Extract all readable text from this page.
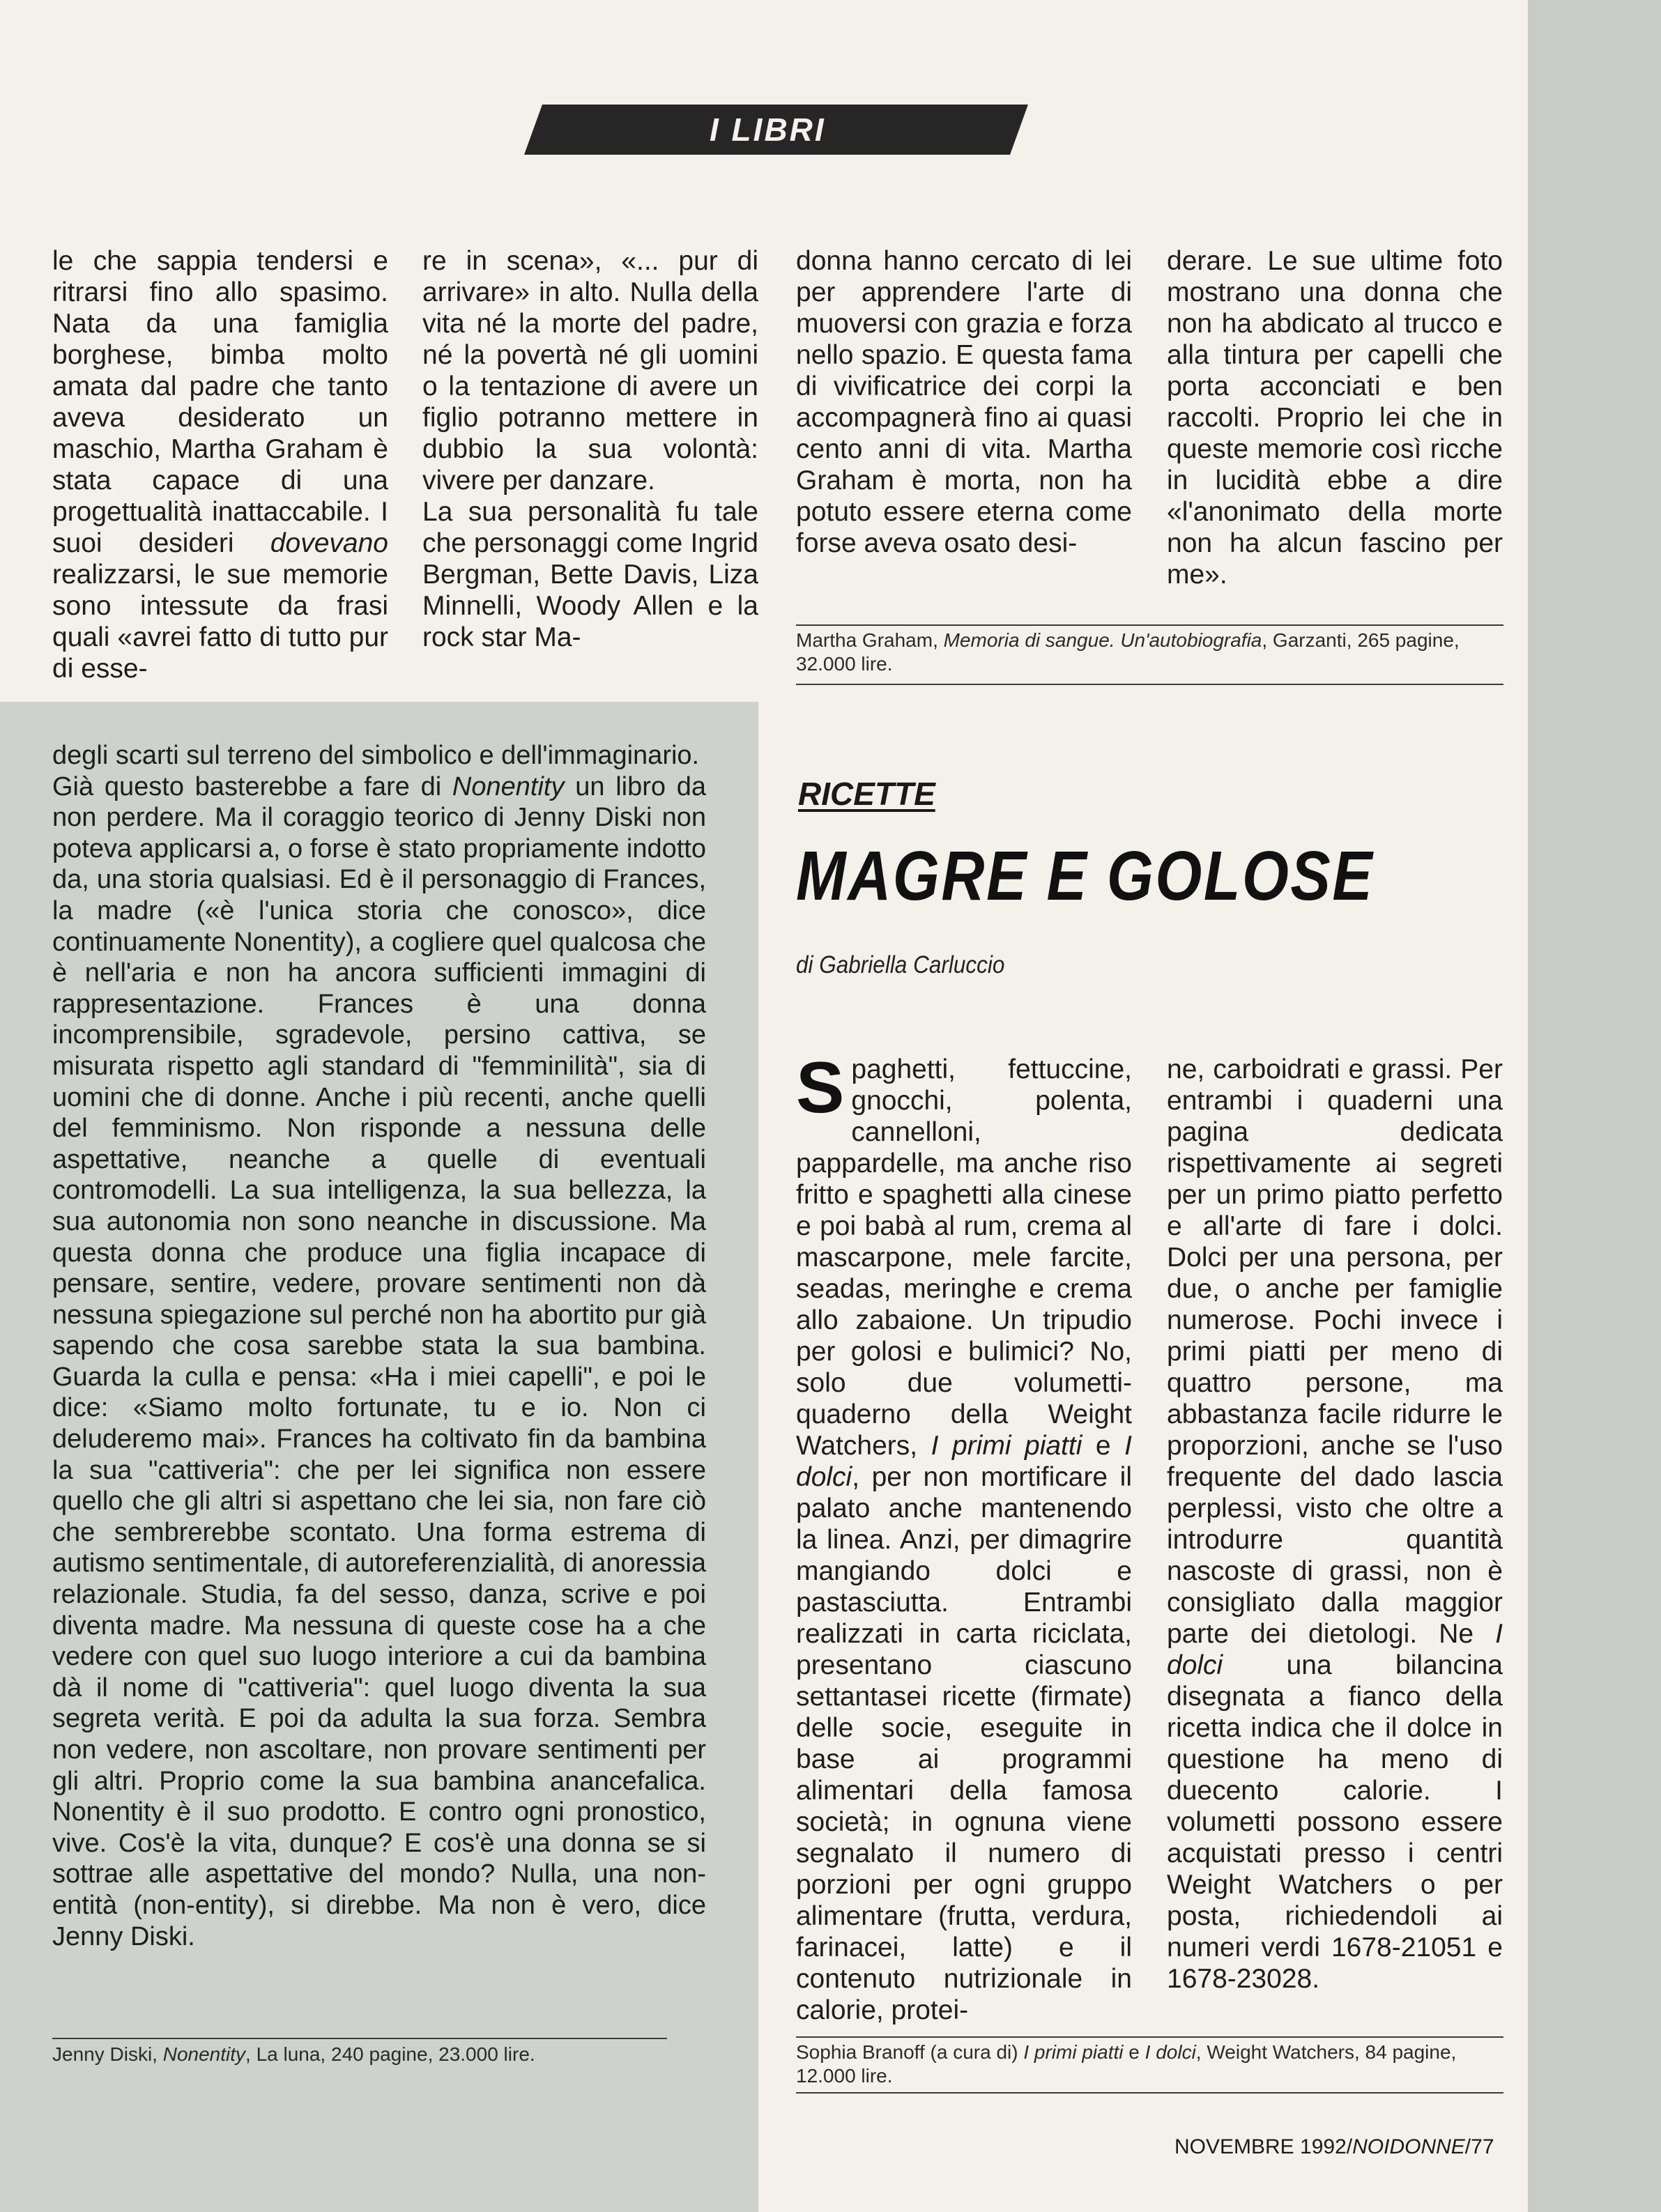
I LIBRI

le che sappia tendersi e ritrarsi fino allo spasimo. Nata da una famiglia borghese, bimba molto amata dal padre che tanto aveva desiderato un maschio, Martha Graham è stata capace di una progettualità inattaccabile. I suoi desideri dovevano realizzarsi, le sue memorie sono intessute da frasi quali «avrei fatto di tutto pur di esse-

re in scena», «... pur di arrivare» in alto. Nulla della vita né la morte del padre, né la povertà né gli uomini o la tentazione di avere un figlio potranno mettere in dubbio la sua volontà: vivere per danzare.

La sua personalità fu tale che personaggi come Ingrid Bergman, Bette Davis, Liza Minnelli, Woody Allen e la rock star Ma-

donna hanno cercato di lei per apprendere l'arte di muoversi con grazia e forza nello spazio. E questa fama di vivificatrice dei corpi la accompagnerà fino ai quasi cento anni di vita. Martha Graham è morta, non ha potuto essere eterna come forse aveva osato desi-
derare. Le sue ultime foto mostrano una donna che non ha abdicato al trucco e alla tintura per capelli che porta acconciati e ben raccolti. Proprio lei che in queste memorie così ricche in lucidità ebbe a dire «l'anonimato della morte non ha alcun fascino per me».
Martha Graham, Memoria di sangue. Un'autobiografia, Garzanti, 265 pagine, 32.000 lire.

degli scarti sul terreno del simbolico e dell'immaginario.

Già questo basterebbe a fare di Nonentity un libro da non perdere. Ma il coraggio teorico di Jenny Diski non poteva applicarsi a, o forse è stato propriamente indotto da, una storia qualsiasi. Ed è il personaggio di Frances, la madre («è l'unica storia che conosco», dice continuamente Nonentity), a cogliere quel qualcosa che è nell'aria e non ha ancora sufficienti immagini di rappresentazione. Frances è una donna incomprensibile, sgradevole, persino cattiva, se misurata rispetto agli standard di "femminilità", sia di uomini che di donne. Anche i più recenti, anche quelli del femminismo. Non risponde a nessuna delle aspettative, neanche a quelle di eventuali contromodelli. La sua intelligenza, la sua bellezza, la sua autonomia non sono neanche in discussione. Ma questa donna che produce una figlia incapace di pensare, sentire, vedere, provare sentimenti non dà nessuna spiegazione sul perché non ha abortito pur già sapendo che cosa sarebbe stata la sua bambina. Guarda la culla e pensa: «Ha i miei capelli", e poi le dice: «Siamo molto fortunate, tu e io. Non ci deluderemo mai». Frances ha coltivato fin da bambina la sua "cattiveria": che per lei significa non essere quello che gli altri si aspettano che lei sia, non fare ciò che sembrerebbe scontato. Una forma estrema di autismo sentimentale, di autoreferenzialità, di anoressia relazionale. Studia, fa del sesso, danza, scrive e poi diventa madre. Ma nessuna di queste cose ha a che vedere con quel suo luogo interiore a cui da bambina dà il nome di "cattiveria": quel luogo diventa la sua segreta verità. E poi da adulta la sua forza. Sembra non vedere, non ascoltare, non provare sentimenti per gli altri. Proprio come la sua bambina anancefalica. Nonentity è il suo prodotto. E contro ogni pronostico, vive. Cos'è la vita, dunque? E cos'è una donna se si sottrae alle aspettative del mondo? Nulla, una non-entità (non-entity), si direbbe. Ma non è vero, dice Jenny Diski.

Jenny Diski, Nonentity, La luna, 240 pagine, 23.000 lire.
RICETTE
MAGRE E GOLOSE
di Gabriella Carluccio

Spaghetti, fettuccine, gnocchi, polenta, cannelloni, pappardelle, ma anche riso fritto e spaghetti alla cinese e poi babà al rum, crema al mascarpone, mele farcite, seadas, meringhe e crema allo zabaione. Un tripudio per golosi e bulimici? No, solo due volumetti-quaderno della Weight Watchers, I primi piatti e I dolci, per non mortificare il palato anche mantenendo la linea. Anzi, per dimagrire mangiando dolci e pastasciutta. Entrambi realizzati in carta riciclata, presentano ciascuno settantasei ricette (firmate) delle socie, eseguite in base ai programmi alimentari della famosa società; in ognuna viene segnalato il numero di porzioni per ogni gruppo alimentare (frutta, verdura, farinacei, latte) e il contenuto nutrizionale in calorie, protei-

ne, carboidrati e grassi. Per entrambi i quaderni una pagina dedicata rispettivamente ai segreti per un primo piatto perfetto e all'arte di fare i dolci. Dolci per una persona, per due, o anche per famiglie numerose. Pochi invece i primi piatti per meno di quattro persone, ma abbastanza facile ridurre le proporzioni, anche se l'uso frequente del dado lascia perplessi, visto che oltre a introdurre quantità nascoste di grassi, non è consigliato dalla maggior parte dei dietologi. Ne I dolci una bilancina disegnata a fianco della ricetta indica che il dolce in questione ha meno di duecento calorie. I volumetti possono essere acquistati presso i centri Weight Watchers o per posta, richiedendoli ai numeri verdi 1678-21051 e 1678-23028.

Sophia Branoff (a cura di) I primi piatti e I dolci, Weight Watchers, 84 pagine, 12.000 lire.
NOVEMBRE 1992/NOIDONNE/77
